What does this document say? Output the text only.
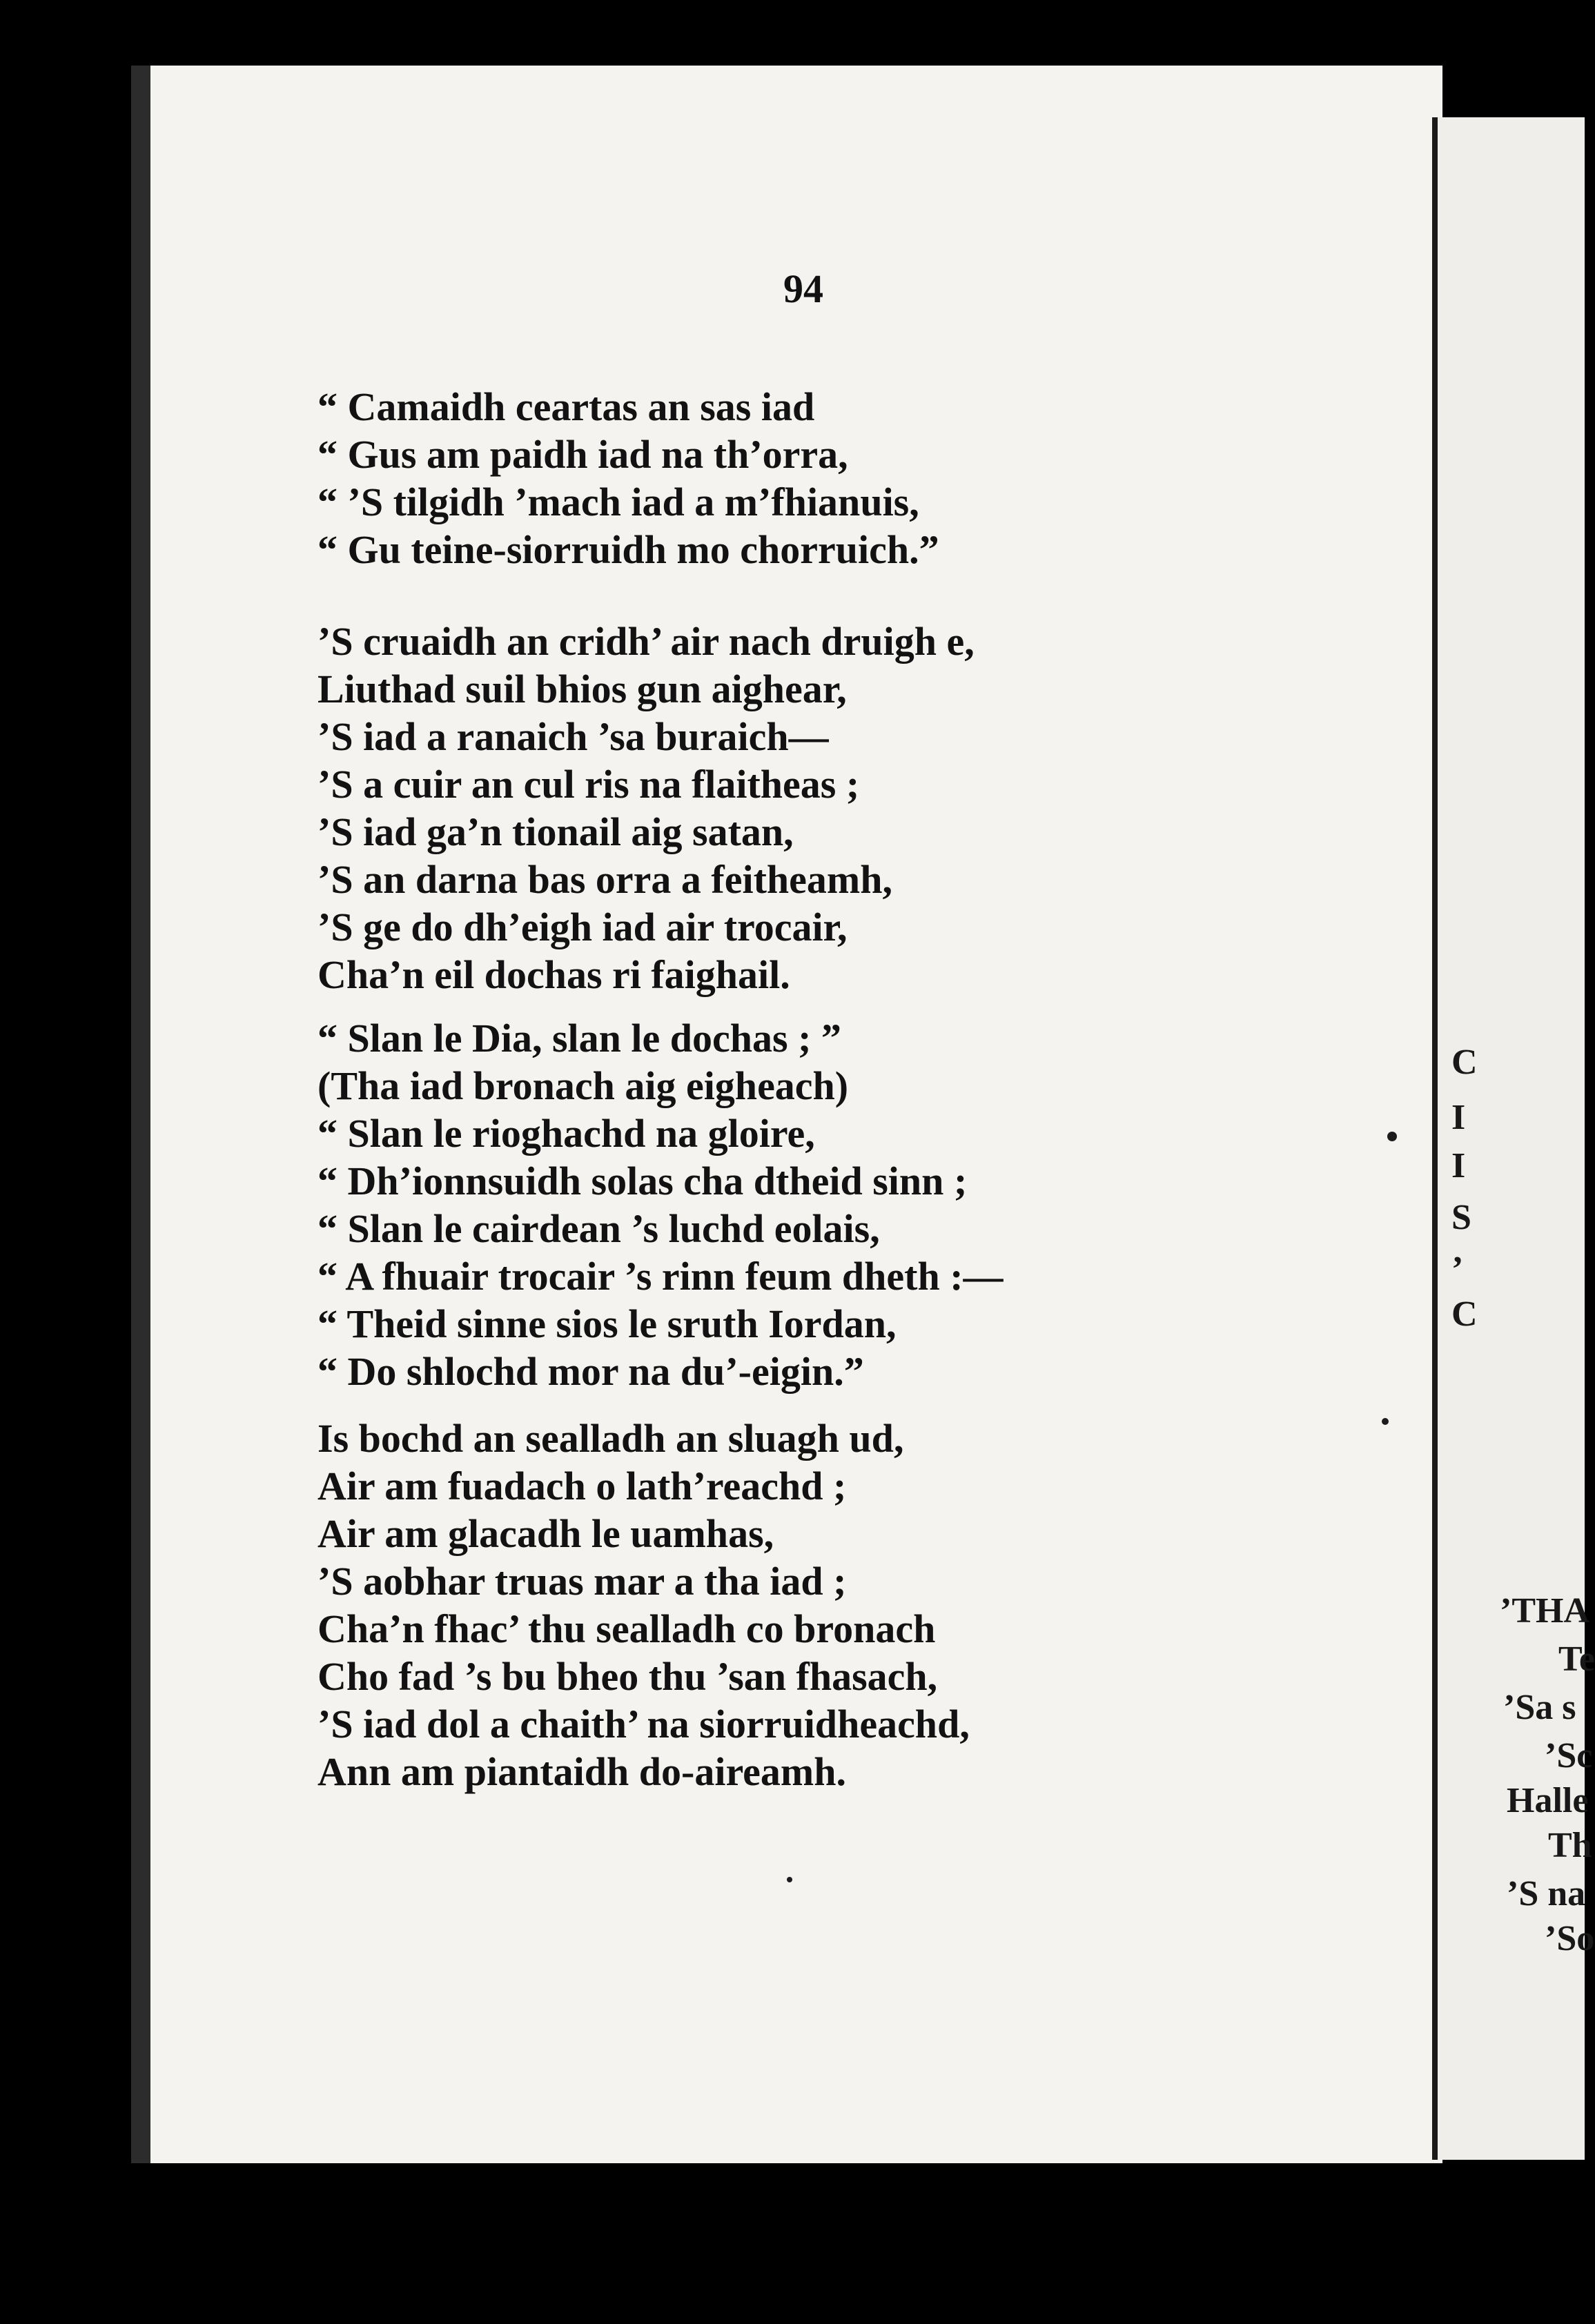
C
I
I
S
’
C
’THA
Te
’Sa s
’Sc
Halle
Th
’S na
’So
94
“ Camaidh ceartas an sas iad
“ Gus am paidh iad na th’orra,
“ ’S tilgidh ’mach iad a m’fhianuis,
“ Gu teine-siorruidh mo chorruich.”
’S cruaidh an cridh’ air nach druigh e,
Liuthad suil bhios gun aighear,
’S iad a ranaich ’sa buraich—
’S a cuir an cul ris na flaitheas ;
’S iad ga’n tionail aig satan,
’S an darna bas orra a feitheamh,
’S ge do dh’eigh iad air trocair,
Cha’n eil dochas ri faighail.
“ Slan le Dia, slan le dochas ; ”
(Tha iad bronach aig eigheach)
“ Slan le rioghachd na gloire,
“ Dh’ionnsuidh solas cha dtheid sinn ;
“ Slan le cairdean ’s luchd eolais,
“ A fhuair trocair ’s rinn feum dheth :—
“ Theid sinne sios le sruth Iordan,
“ Do shlochd mor na du’-eigin.”
Is bochd an sealladh an sluagh ud,
Air am fuadach o lath’reachd ;
Air am glacadh le uamhas,
’S aobhar truas mar a tha iad ;
Cha’n fhac’ thu sealladh co bronach
Cho fad ’s bu bheo thu ’san fhasach,
’S iad dol a chaith’ na siorruidheachd,
Ann am piantaidh do-aireamh.
